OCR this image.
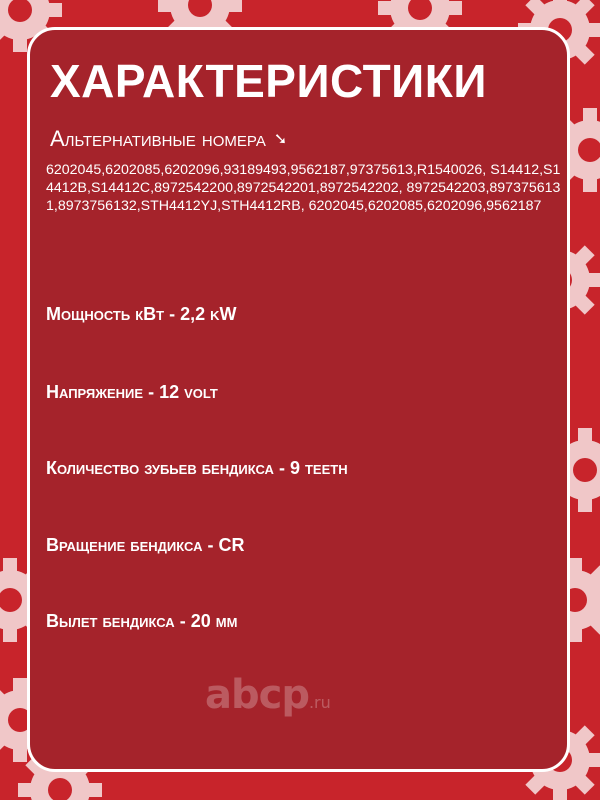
ХАРАКТЕРИСТИКИ
Альтернативные номера ➘
6202045,6202085,6202096,93189493,9562187,97375613,R1540026, S14412,S14412B,S14412C,8972542200,8972542201,8972542202, 8972542203,8973756131,8973756132,STH4412YJ,STH4412RB, 6202045,6202085,6202096,9562187
Мощность кВт - 2,2 kW
Напряжение - 12 volt
Количество зубьев бендикса - 9 teeth
Вращение бендикса - CR
Вылет бендикса - 20 мм
abcp.ru
